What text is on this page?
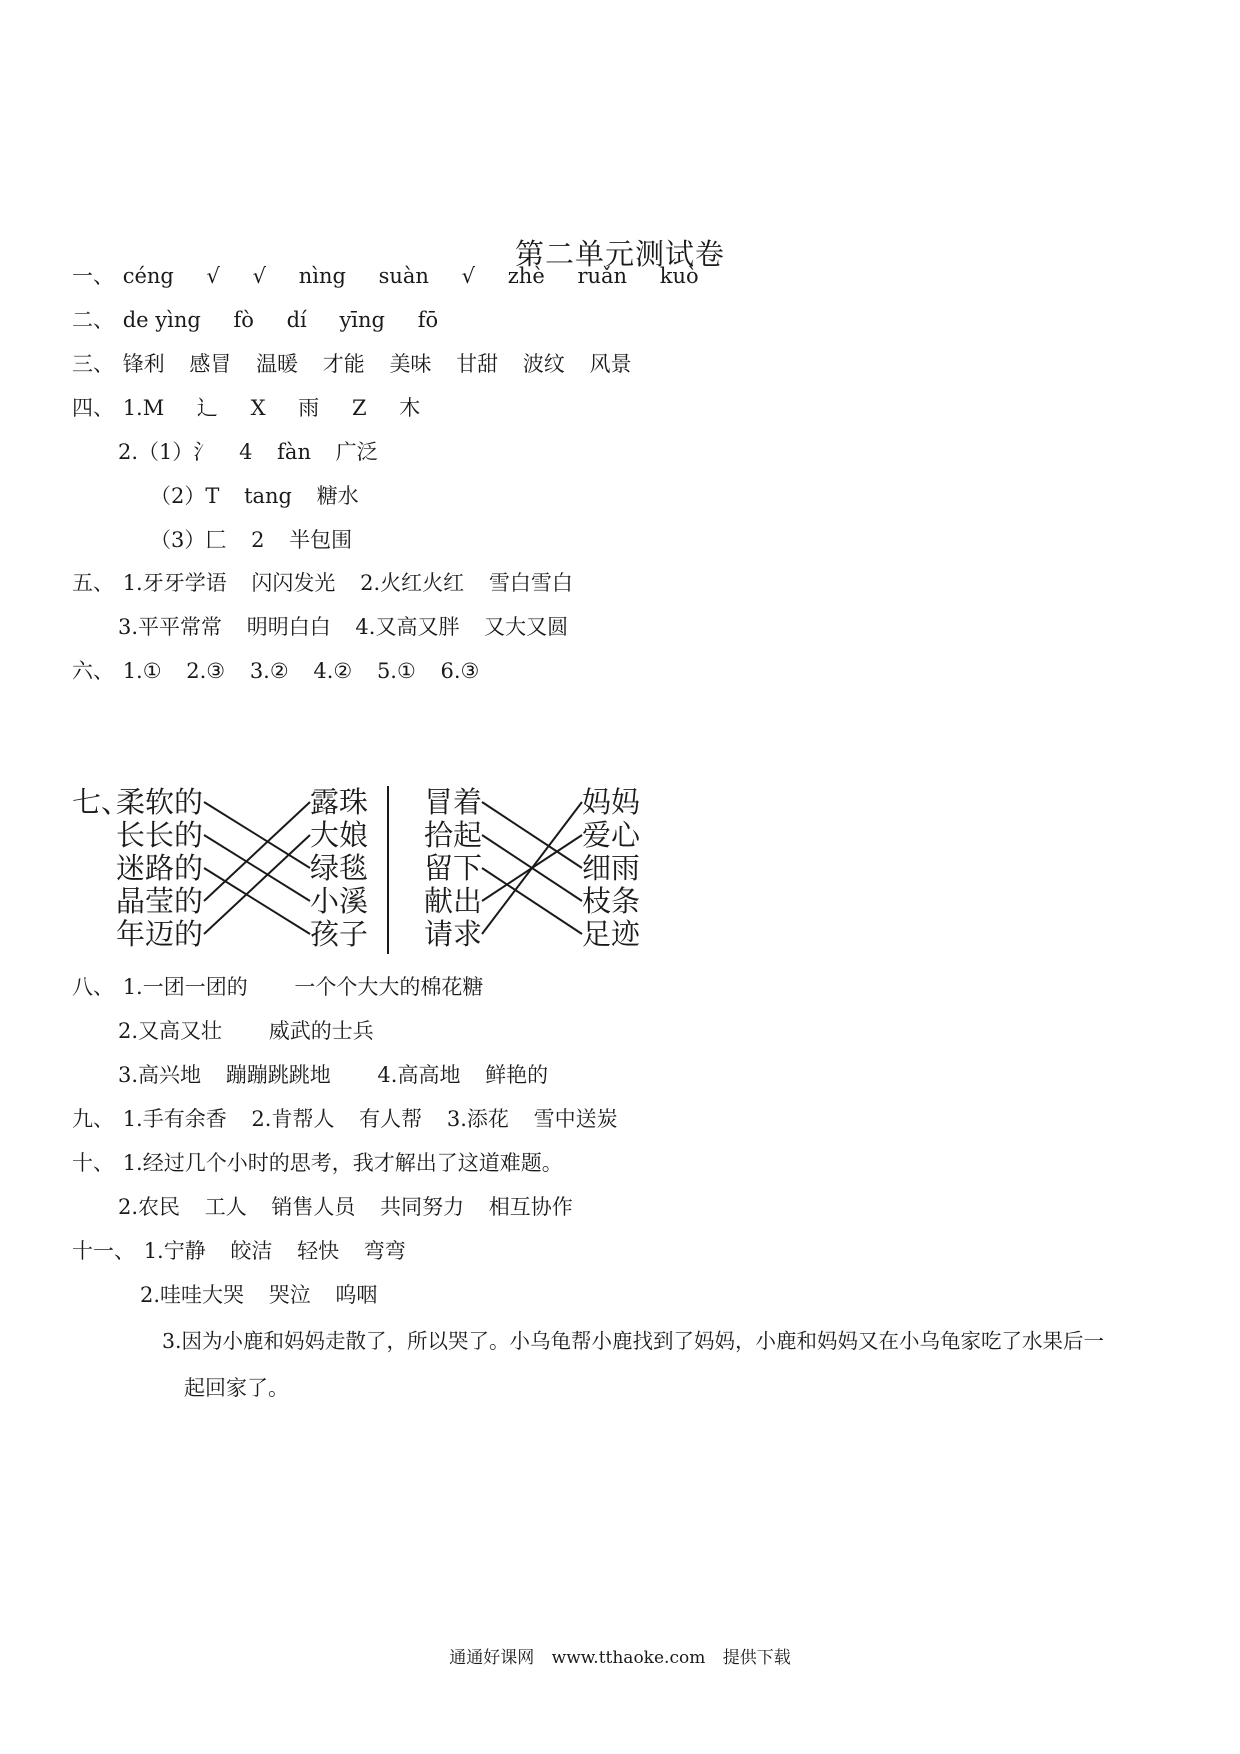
第二单元测试卷
一、 céng √ √ nìng suàn √ zhè ruǎn kuò
二、 de yìng fò dí yīng fō
三、 锋利 感冒 温暖 才能 美味 甘甜 波纹 风景
四、 1.M 辶 X 雨 Z 木
2.（1）氵 4 fàn 广泛
（2）T tang 糖水
（3）匚 2 半包围
五、 1.牙牙学语 闪闪发光 2.火红火红 雪白雪白
3.平平常常 明明白白 4.又高又胖 又大又圆
六、 1.① 2.③ 3.② 4.② 5.① 6.③
七、
柔软的
长长的
迷路的
晶莹的
年迈的
露珠
大娘
绿毯
小溪
孩子
冒着
拾起
留下
献出
请求
妈妈
爱心
细雨
枝条
足迹
八、 1.一团一团的 一个个大大的棉花糖
2.又高又壮 威武的士兵
3.高兴地 蹦蹦跳跳地 4.高高地 鲜艳的
九、 1.手有余香 2.肯帮人 有人帮 3.添花 雪中送炭
十、 1.经过几个小时的思考，我才解出了这道难题。
2.农民 工人 销售人员 共同努力 相互协作
十一、 1.宁静 皎洁 轻快 弯弯
2.哇哇大哭 哭泣 呜咽
3.因为小鹿和妈妈走散了，所以哭了。小乌龟帮小鹿找到了妈妈，小鹿和妈妈又在小乌龟家吃了水果后一
起回家了。
通通好课网 www.tthaoke.com 提供下载
